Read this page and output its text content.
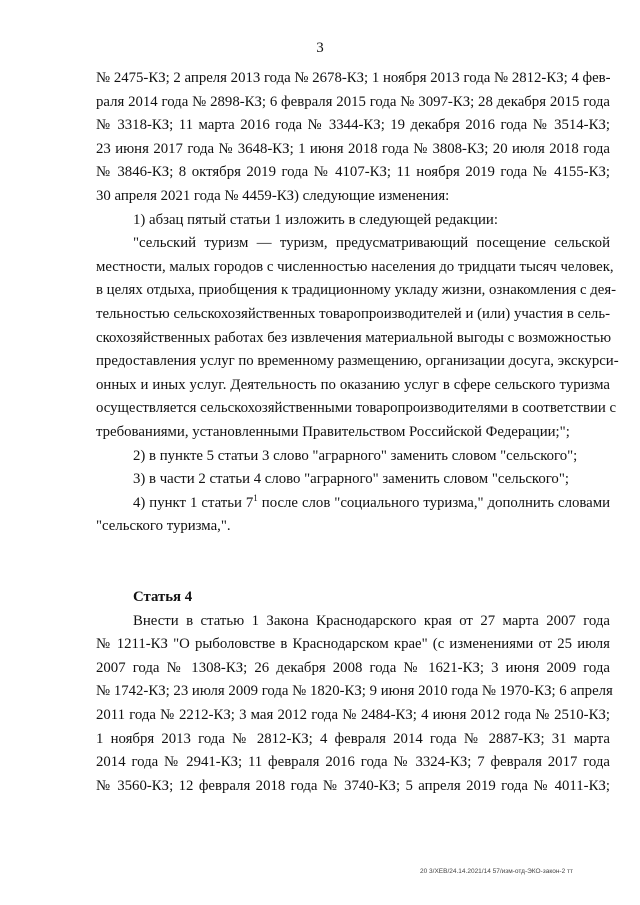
3
№ 2475-КЗ; 2 апреля 2013 года № 2678-КЗ; 1 ноября 2013 года № 2812-КЗ; 4 фев-
раля 2014 года № 2898-КЗ; 6 февраля 2015 года № 3097-КЗ; 28 декабря 2015 года
№ 3318-КЗ; 11 марта 2016 года № 3344-КЗ; 19 декабря 2016 года № 3514-КЗ;
23 июня 2017 года № 3648-КЗ; 1 июня 2018 года № 3808-КЗ; 20 июля 2018 года
№ 3846-КЗ; 8 октября 2019 года № 4107-КЗ; 11 ноября 2019 года № 4155-КЗ;
30 апреля 2021 года № 4459-КЗ) следующие изменения:
1) абзац пятый статьи 1 изложить в следующей редакции:
"сельский туризм — туризм, предусматривающий посещение сельской
местности, малых городов с численностью населения до тридцати тысяч человек,
в целях отдыха, приобщения к традиционному укладу жизни, ознакомления с дея-
тельностью сельскохозяйственных товаропроизводителей и (или) участия в сель-
скохозяйственных работах без извлечения материальной выгоды с возможностью
предоставления услуг по временному размещению, организации досуга, экскурси-
онных и иных услуг. Деятельность по оказанию услуг в сфере сельского туризма
осуществляется сельскохозяйственными товаропроизводителями в соответствии с
требованиями, установленными Правительством Российской Федерации;";
2) в пункте 5 статьи 3 слово "аграрного" заменить словом "сельского";
3) в части 2 статьи 4 слово "аграрного" заменить словом "сельского";
4) пункт 1 статьи $7^1$ после слов "социального туризма," дополнить словами
"сельского туризма,".
Статья 4
Внести в статью 1 Закона Краснодарского края от 27 марта 2007 года
№ 1211-КЗ "О рыболовстве в Краснодарском крае" (с изменениями от 25 июля
2007 года № 1308-КЗ; 26 декабря 2008 года № 1621-КЗ; 3 июня 2009 года
№ 1742-КЗ; 23 июля 2009 года № 1820-КЗ; 9 июня 2010 года № 1970-КЗ; 6 апреля
2011 года № 2212-КЗ; 3 мая 2012 года № 2484-КЗ; 4 июня 2012 года № 2510-КЗ;
1 ноября 2013 года № 2812-КЗ; 4 февраля 2014 года № 2887-КЗ; 31 марта
2014 года № 2941-КЗ; 11 февраля 2016 года № 3324-КЗ; 7 февраля 2017 года
№ 3560-КЗ; 12 февраля 2018 года № 3740-КЗ; 5 апреля 2019 года № 4011-КЗ;
20 3/ХЕВ/24.14.2021/14 57/изм-отд-ЭКО-закон-2 тт
